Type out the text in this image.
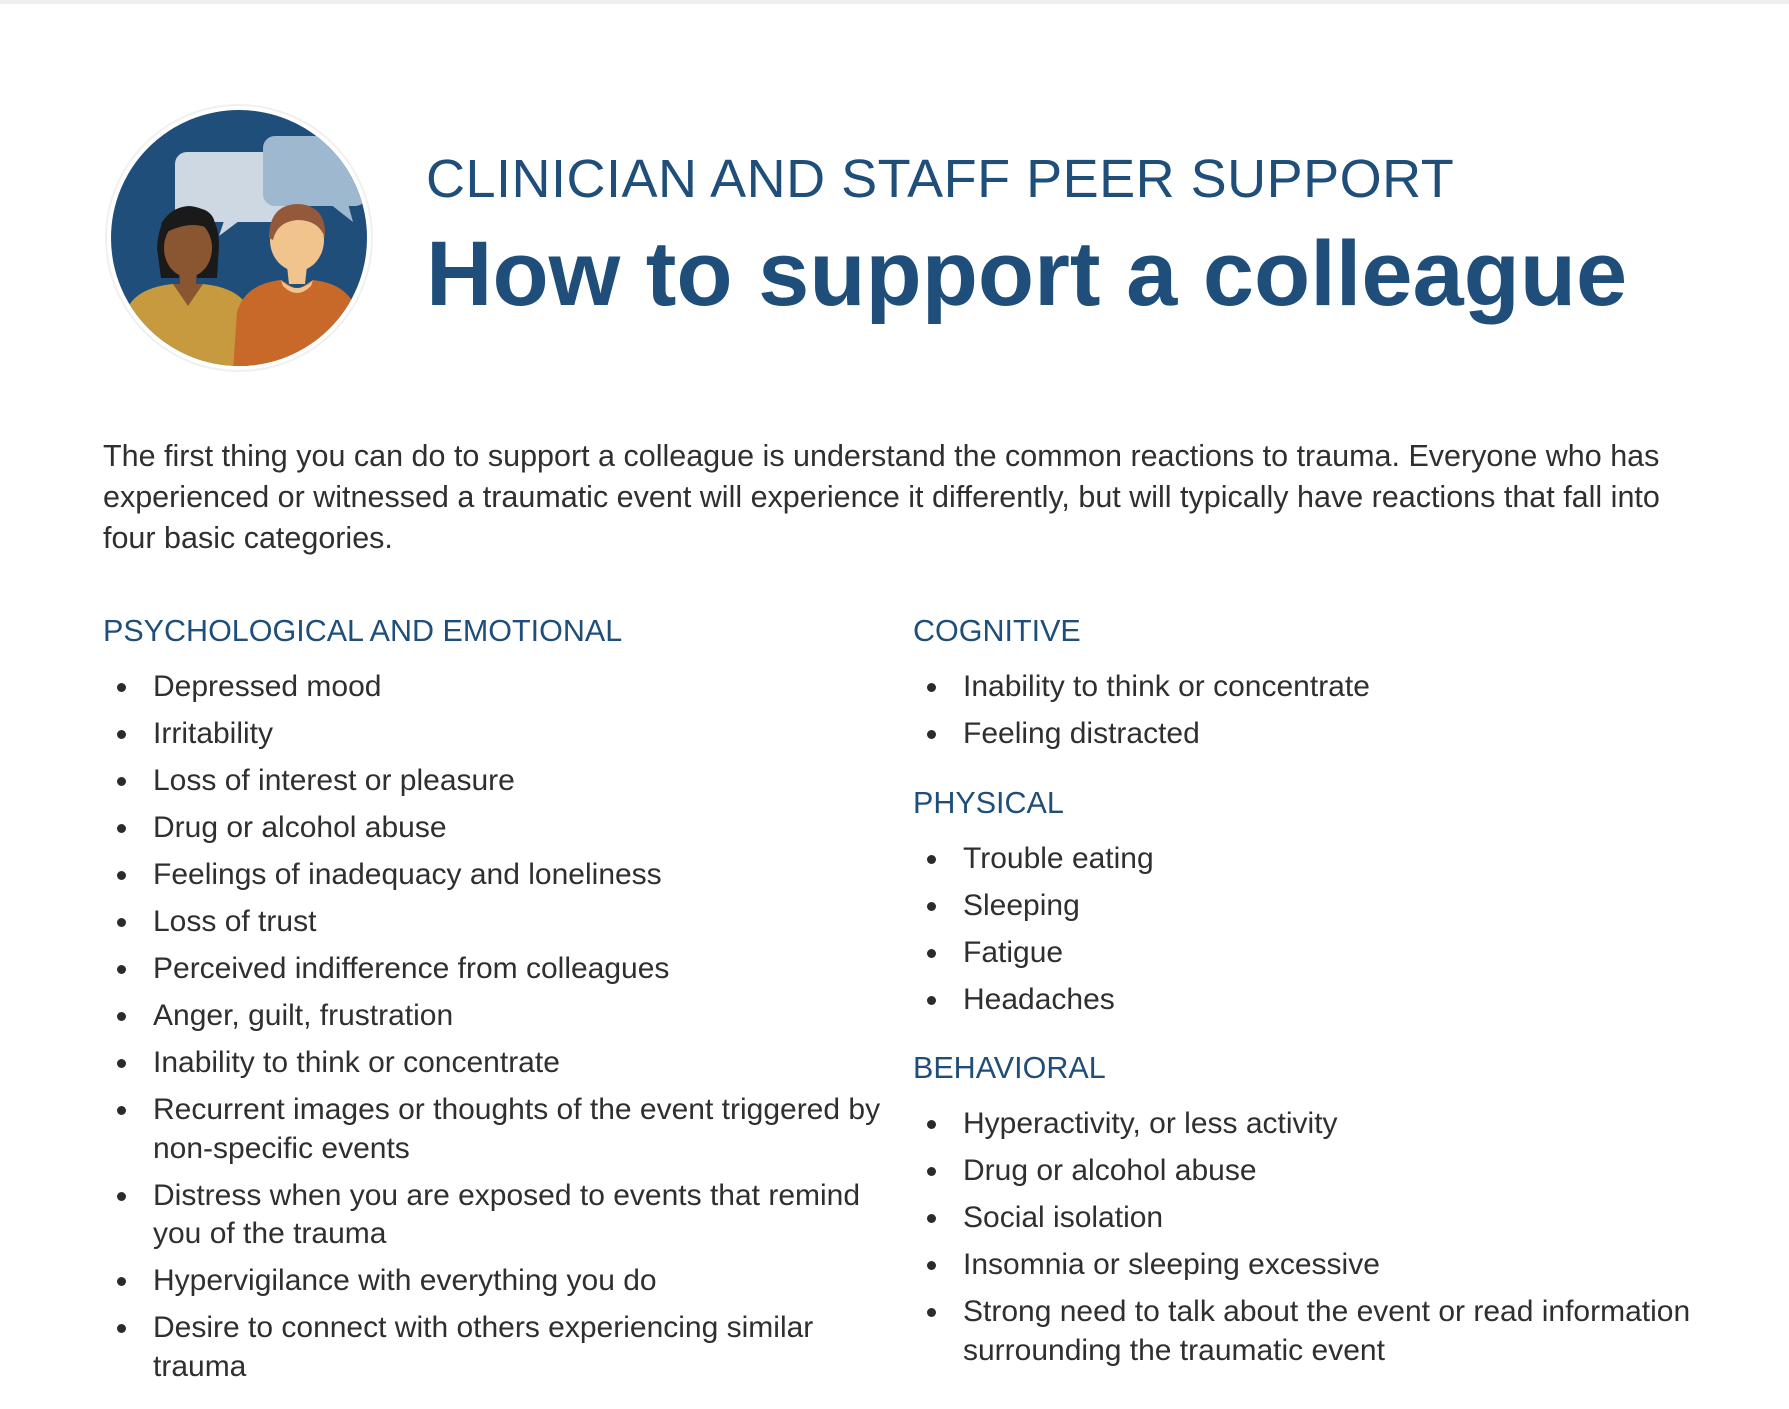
CLINICIAN AND STAFF PEER SUPPORT
How to support a colleague

The first thing you can do to support a colleague is understand the common reactions to trauma. Everyone who has experienced or witnessed a traumatic event will experience it differently, but will typically have reactions that fall into four basic categories.

PSYCHOLOGICAL AND EMOTIONAL
Depressed mood
Irritability
Loss of interest or pleasure
Drug or alcohol abuse
Feelings of inadequacy and loneliness
Loss of trust
Perceived indifference from colleagues
Anger, guilt, frustration
Inability to think or concentrate
Recurrent images or thoughts of the event triggered by non-specific events
Distress when you are exposed to events that remind you of the trauma
Hypervigilance with everything you do
Desire to connect with others experiencing similar trauma
COGNITIVE
Inability to think or concentrate
Feeling distracted
PHYSICAL
Trouble eating
Sleeping
Fatigue
Headaches
BEHAVIORAL
Hyperactivity, or less activity
Drug or alcohol abuse
Social isolation
Insomnia or sleeping excessive
Strong need to talk about the event or read information surrounding the traumatic event
